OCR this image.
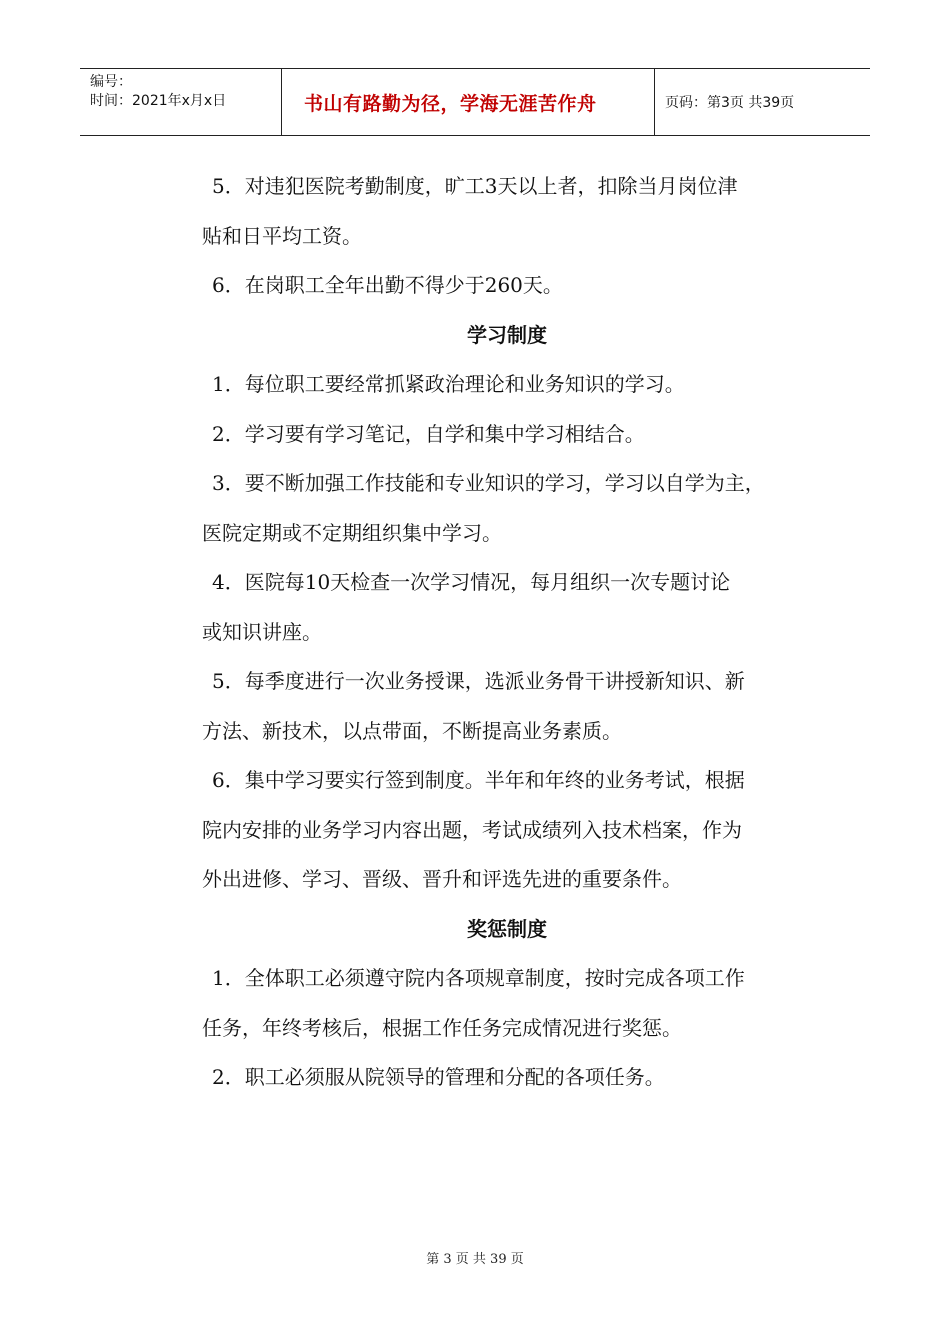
编号：
时间：2021年x月x日	书山有路勤为径，学海无涯苦作舟	页码：第3页 共39页

5．对违犯医院考勤制度，旷工3天以上者，扣除当月岗位津

贴和日平均工资。

6．在岗职工全年出勤不得少于260天。

学习制度

1．每位职工要经常抓紧政治理论和业务知识的学习。

2．学习要有学习笔记，自学和集中学习相结合。

3．要不断加强工作技能和专业知识的学习，学习以自学为主，

医院定期或不定期组织集中学习。

4．医院每10天检查一次学习情况，每月组织一次专题讨论

或知识讲座。

5．每季度进行一次业务授课，选派业务骨干讲授新知识、新

方法、新技术，以点带面，不断提高业务素质。

6．集中学习要实行签到制度。半年和年终的业务考试，根据

院内安排的业务学习内容出题，考试成绩列入技术档案，作为

外出进修、学习、晋级、晋升和评选先进的重要条件。

奖惩制度

1．全体职工必须遵守院内各项规章制度，按时完成各项工作

任务，年终考核后，根据工作任务完成情况进行奖惩。

2．职工必须服从院领导的管理和分配的各项任务。

第 3 页 共 39 页
